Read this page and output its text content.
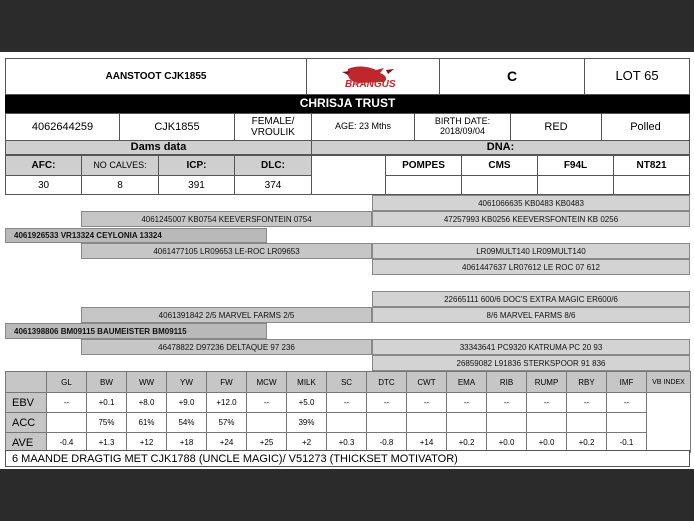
AANSTOOT CJK1855
BRANGUS
C	LOT 65
CHRISJA TRUST
4062644259	CJK1855	FEMALE/ VROULIK
AGE: 23 Mths	BIRTH DATE:
2018/09/04	RED	Polled
Dams data	DNA:
AFC:	NO CALVES:	ICP:	DLC:
30	8	391	374
POMPES	CMS	F94L	NT821
4061066635 KB0483 KB0483
4061245007 KB0754 KEEVERSFONTEIN 0754	47257993 KB0256 KEEVERSFONTEIN KB 0256
4061926533 VR13324 CEYLONIA 13324
4061477105 LR09653 LE-ROC LR09653	LR09MULT140 LR09MULT140
4061447637 LR07612 LE ROC 07 612
22665111 600/6 DOC'S EXTRA MAGIC ER600/6
4061391842 2/5 MARVEL FARMS 2/5	8/6 MARVEL FARMS 8/6
4061398806 BM09115 BAUMEISTER BM09115
46478822 D97236 DELTAQUE 97 236	33343641 PC9320 KATRUMA PC 20 93
26859082 L91836 STERKSPOOR 91 836
	GL	BW	WW	YW	FW	MCW	MILK	SC	DTC	CWT	EMA	RIB	RUMP	RBY	IMF	VB INDEX
EBV	--	+0.1	+8.0	+9.0	+12.0	--	+5.0	--	--	--	--	--	--	--	--	
ACC		75%	61%	54%	57%		39%									
AVE	-0.4	+1.3	+12	+18	+24	+25	+2	+0.3	-0.8	+14	+0.2	+0.0	+0.0	+0.2	-0.1	
6 MAANDE DRAGTIG MET CJK1788 (UNCLE MAGIC)/ V51273 (THICKSET MOTIVATOR)
